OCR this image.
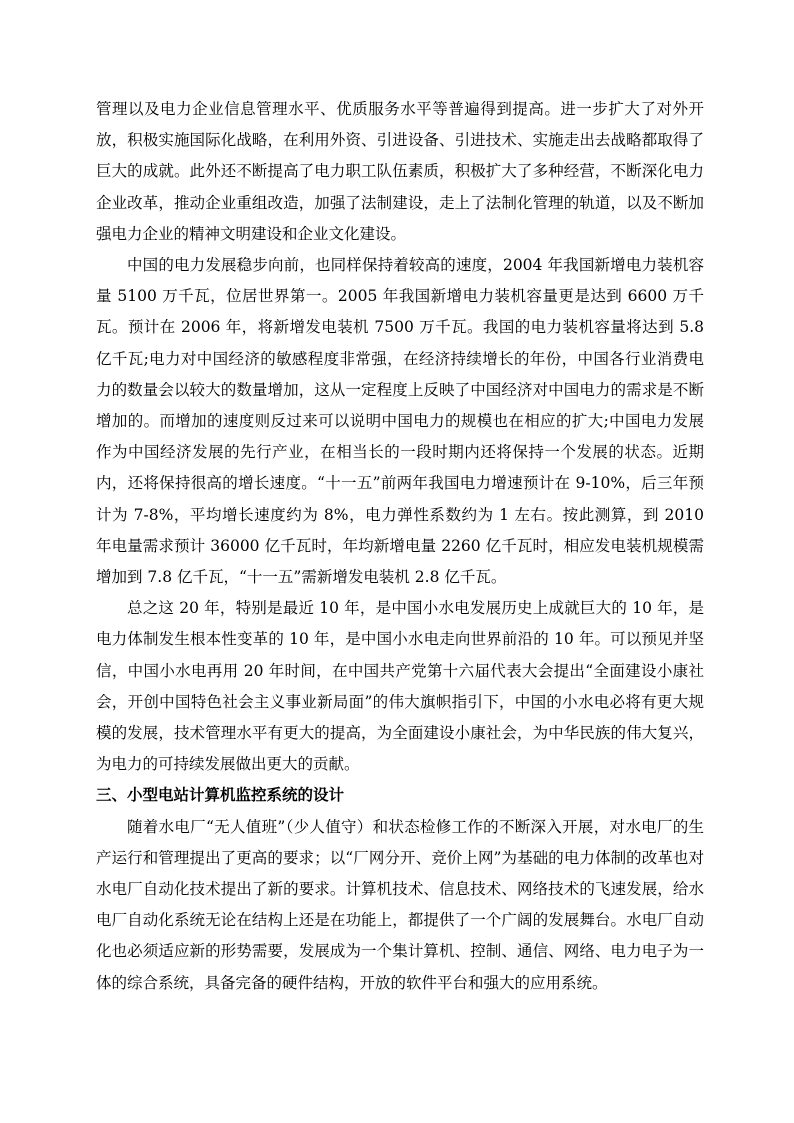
管理以及电力企业信息管理水平、优质服务水平等普遍得到提高。进一步扩大了对外开放，积极实施国际化战略，在利用外资、引进设备、引进技术、实施走出去战略都取得了巨大的成就。此外还不断提高了电力职工队伍素质，积极扩大了多种经营，不断深化电力企业改革，推动企业重组改造，加强了法制建设，走上了法制化管理的轨道，以及不断加强电力企业的精神文明建设和企业文化建设。

中国的电力发展稳步向前，也同样保持着较高的速度，2004 年我国新增电力装机容量 5100 万千瓦，位居世界第一。2005 年我国新增电力装机容量更是达到 6600 万千瓦。预计在 2006 年，将新增发电装机 7500 万千瓦。我国的电力装机容量将达到 5.8 亿千瓦;电力对中国经济的敏感程度非常强，在经济持续增长的年份，中国各行业消费电力的数量会以较大的数量增加，这从一定程度上反映了中国经济对中国电力的需求是不断增加的。而增加的速度则反过来可以说明中国电力的规模也在相应的扩大;中国电力发展作为中国经济发展的先行产业，在相当长的一段时期内还将保持一个发展的状态。近期内，还将保持很高的增长速度。“十一五”前两年我国电力增速预计在 9-10%，后三年预计为 7-8%，平均增长速度约为 8%，电力弹性系数约为 1 左右。按此测算，到 2010 年电量需求预计 36000 亿千瓦时，年均新增电量 2260 亿千瓦时，相应发电装机规模需增加到 7.8 亿千瓦，“十一五”需新增发电装机 2.8 亿千瓦。

总之这 20 年，特别是最近 10 年，是中国小水电发展历史上成就巨大的 10 年，是电力体制发生根本性变革的 10 年，是中国小水电走向世界前沿的 10 年。可以预见并坚信，中国小水电再用 20 年时间，在中国共产党第十六届代表大会提出“全面建设小康社会，开创中国特色社会主义事业新局面”的伟大旗帜指引下，中国的小水电必将有更大规模的发展，技术管理水平有更大的提高，为全面建设小康社会，为中华民族的伟大复兴，为电力的可持续发展做出更大的贡献。

三、小型电站计算机监控系统的设计

随着水电厂“无人值班”（少人值守）和状态检修工作的不断深入开展，对水电厂的生产运行和管理提出了更高的要求；以“厂网分开、竞价上网”为基础的电力体制的改革也对水电厂自动化技术提出了新的要求。计算机技术、信息技术、网络技术的飞速发展，给水电厂自动化系统无论在结构上还是在功能上，都提供了一个广阔的发展舞台。水电厂自动化也必须适应新的形势需要，发展成为一个集计算机、控制、通信、网络、电力电子为一体的综合系统，具备完备的硬件结构，开放的软件平台和强大的应用系统。
